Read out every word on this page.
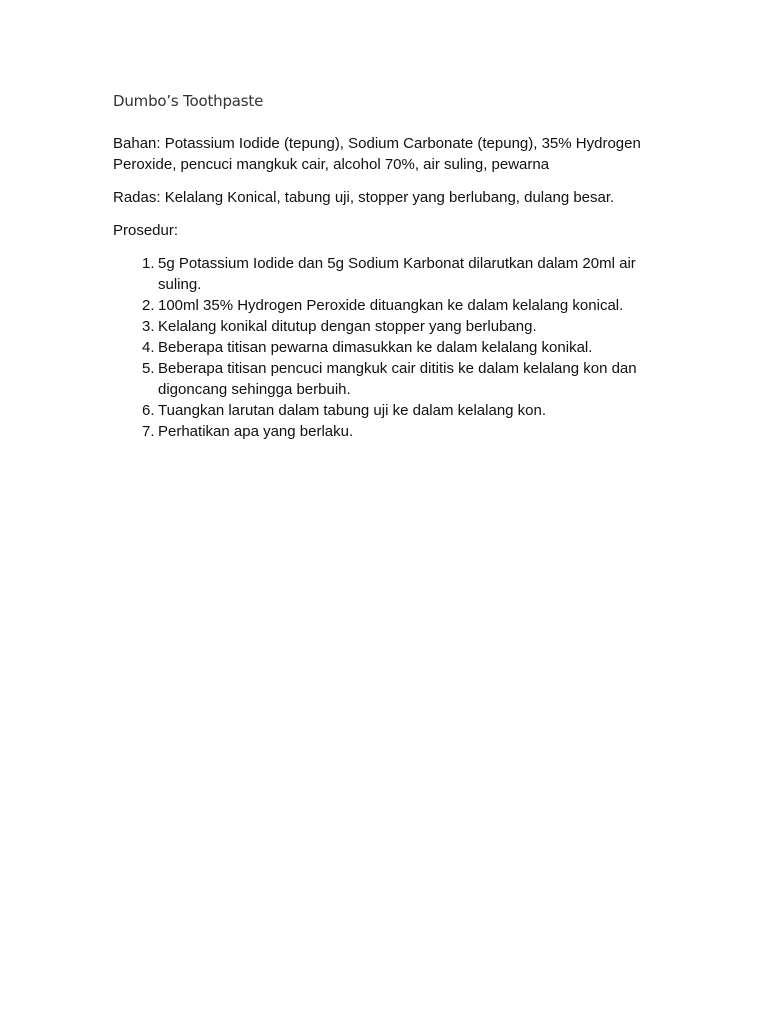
Dumbo’s Toothpaste

Bahan: Potassium Iodide (tepung), Sodium Carbonate (tepung), 35% Hydrogen Peroxide, pencuci mangkuk cair, alcohol 70%, air suling, pewarna

Radas: Kelalang Konical, tabung uji, stopper yang berlubang, dulang besar.

Prosedur:

1. 5g Potassium Iodide dan 5g Sodium Karbonat dilarutkan dalam 20ml air suling.
2. 100ml 35% Hydrogen Peroxide dituangkan ke dalam kelalang konical.
3. Kelalang konikal ditutup dengan stopper yang berlubang.
4. Beberapa titisan pewarna dimasukkan ke dalam kelalang konikal.
5. Beberapa titisan pencuci mangkuk cair dititis ke dalam kelalang kon dan digoncang sehingga berbuih.
6. Tuangkan larutan dalam tabung uji ke dalam kelalang kon.
7. Perhatikan apa yang berlaku.
